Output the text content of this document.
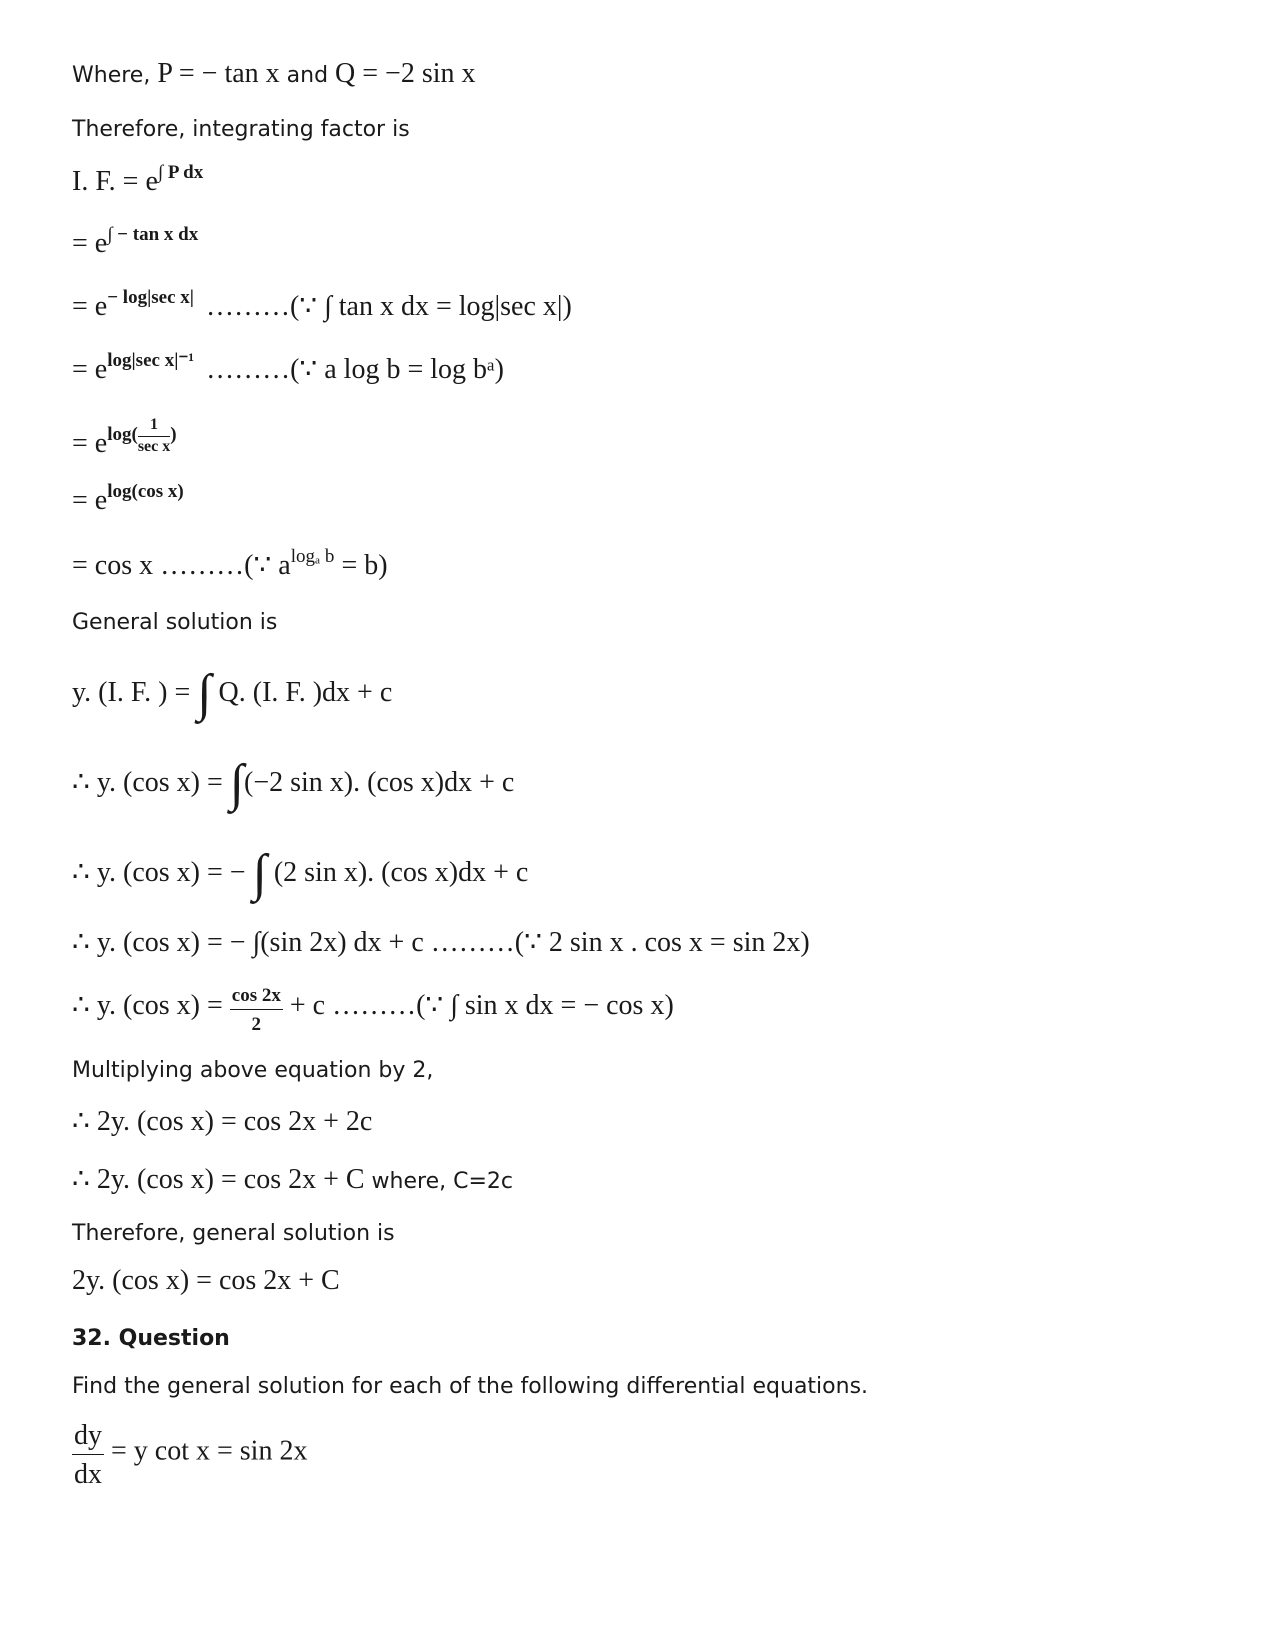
Where, P = − tan x and Q = −2 sin x
Therefore, integrating factor is
I. F. = e∫ P dx
= e∫ − tan x dx
= e− log|sec x| ………(∵ ∫ tan x dx = log|sec x|)
= elog|sec x|⁻¹ ………(∵ a log b = log bᵃ)
= $elog( \frac{1}{\text{sec x}}$ )
= elog(cos x)
= cos x ………(∵ alogₐ b = b)
General solution is
y. (I. F. ) = ∫ Q. (I. F. )dx + c
∴ y. (cos x) = ∫(−2 sin x). (cos x)dx + c
∴ y. (cos x) = − ∫ (2 sin x). (cos x)dx + c
∴ y. (cos x) = − ∫(sin 2x) dx + c ………(∵ 2 sin x . cos x = sin 2x)
∴ y. (cos $x) = \frac{\cos 2x}{2} + c$ ………(∵ ∫ sin x dx = − cos x)
Multiplying above equation by 2,
∴ 2y. (cos x) = cos 2x + 2c
∴ 2y. (cos x) = cos 2x + C where, C=2c
Therefore, general solution is
2y. (cos x) = cos 2x + C
32. Question
Find the general solution for each of the following differential equations.
$\frac{dy}{dx} = y$ cot x = sin 2x
